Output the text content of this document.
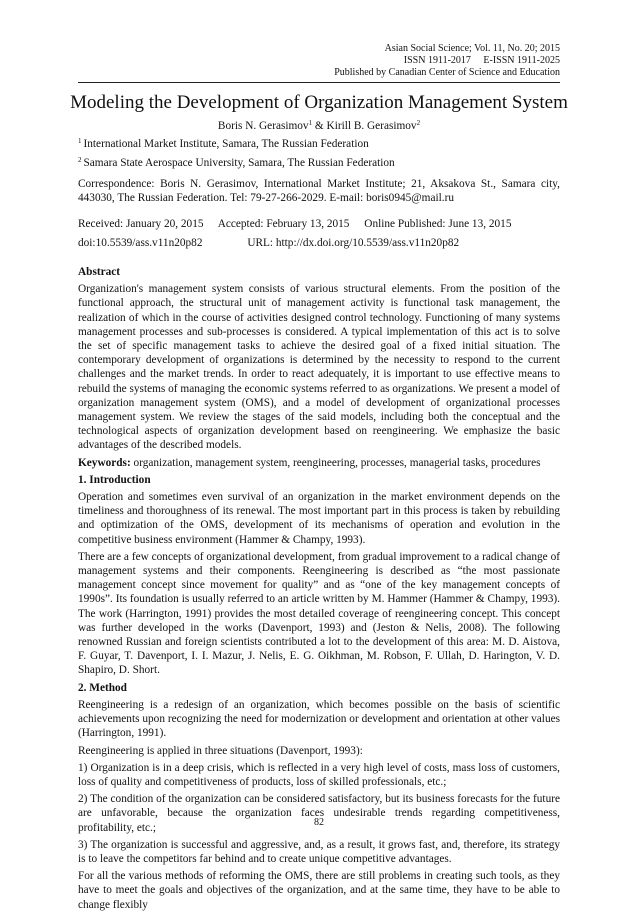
Asian Social Science; Vol. 11, No. 20; 2015
ISSN 1911-2017     E-ISSN 1911-2025
Published by Canadian Center of Science and Education
Modeling the Development of Organization Management System
Boris N. Gerasimov$^1$ & Kirill B. Gerasimov$^2$
$^1$ International Market Institute, Samara, The Russian Federation
$^2$ Samara State Aerospace University, Samara, The Russian Federation
Correspondence: Boris N. Gerasimov, International Market Institute; 21, Aksakova St., Samara city, 443030, The Russian Federation. Tel: 79-27-266-2029. E-mail: boris0945@mail.ru
Received: January 20, 2015 Accepted: February 13, 2015 Online Published: June 13, 2015
doi:10.5539/ass.v11n20p82	URL: http://dx.doi.org/10.5539/ass.v11n20p82
Abstract

Organization's management system consists of various structural elements. From the position of the functional approach, the structural unit of management activity is functional task management, the realization of which in the course of activities designed control technology. Functioning of many systems management processes and sub-processes is considered. A typical implementation of this act is to solve the set of specific management tasks to achieve the desired goal of a fixed initial situation. The contemporary development of organizations is determined by the necessity to respond to the current challenges and the market trends. In order to react adequately, it is important to use effective means to rebuild the systems of managing the economic systems referred to as organizations. We present a model of organization management system (OMS), and a model of development of organizational processes management system. We review the stages of the said models, including both the conceptual and the technological aspects of organization development based on reengineering. We emphasize the basic advantages of the described models.

Keywords: organization, management system, reengineering, processes, managerial tasks, procedures

1. Introduction

Operation and sometimes even survival of an organization in the market environment depends on the timeliness and thoroughness of its renewal. The most important part in this process is taken by rebuilding and optimization of the OMS, development of its mechanisms of operation and evolution in the competitive business environment (Hammer & Champy, 1993).

There are a few concepts of organizational development, from gradual improvement to a radical change of management systems and their components. Reengineering is described as “the most passionate management concept since movement for quality” and as “one of the key management concepts of 1990s”. Its foundation is usually referred to an article written by M. Hammer (Hammer & Champy, 1993). The work (Harrington, 1991) provides the most detailed coverage of reengineering concept. This concept was further developed in the works (Davenport, 1993) and (Jeston & Nelis, 2008). The following renowned Russian and foreign scientists contributed a lot to the development of this area: M. D. Aistova, F. Guyar, T. Davenport, I. I. Mazur, J. Nelis, E. G. Oikhman, M. Robson, F. Ullah, D. Harington, V. D. Shapiro, D. Short.

2. Method

Reengineering is a redesign of an organization, which becomes possible on the basis of scientific achievements upon recognizing the need for modernization or development and orientation at other values (Harrington, 1991).

Reengineering is applied in three situations (Davenport, 1993):

1) Organization is in a deep crisis, which is reflected in a very high level of costs, mass loss of customers, loss of quality and competitiveness of products, loss of skilled professionals, etc.;

2) The condition of the organization can be considered satisfactory, but its business forecasts for the future are unfavorable, because the organization faces undesirable trends regarding competitiveness, profitability, etc.;

3) The organization is successful and aggressive, and, as a result, it grows fast, and, therefore, its strategy is to leave the competitors far behind and to create unique competitive advantages.

For all the various methods of reforming the OMS, there are still problems in creating such tools, as they have to meet the goals and objectives of the organization, and at the same time, they have to be able to change flexibly

82
